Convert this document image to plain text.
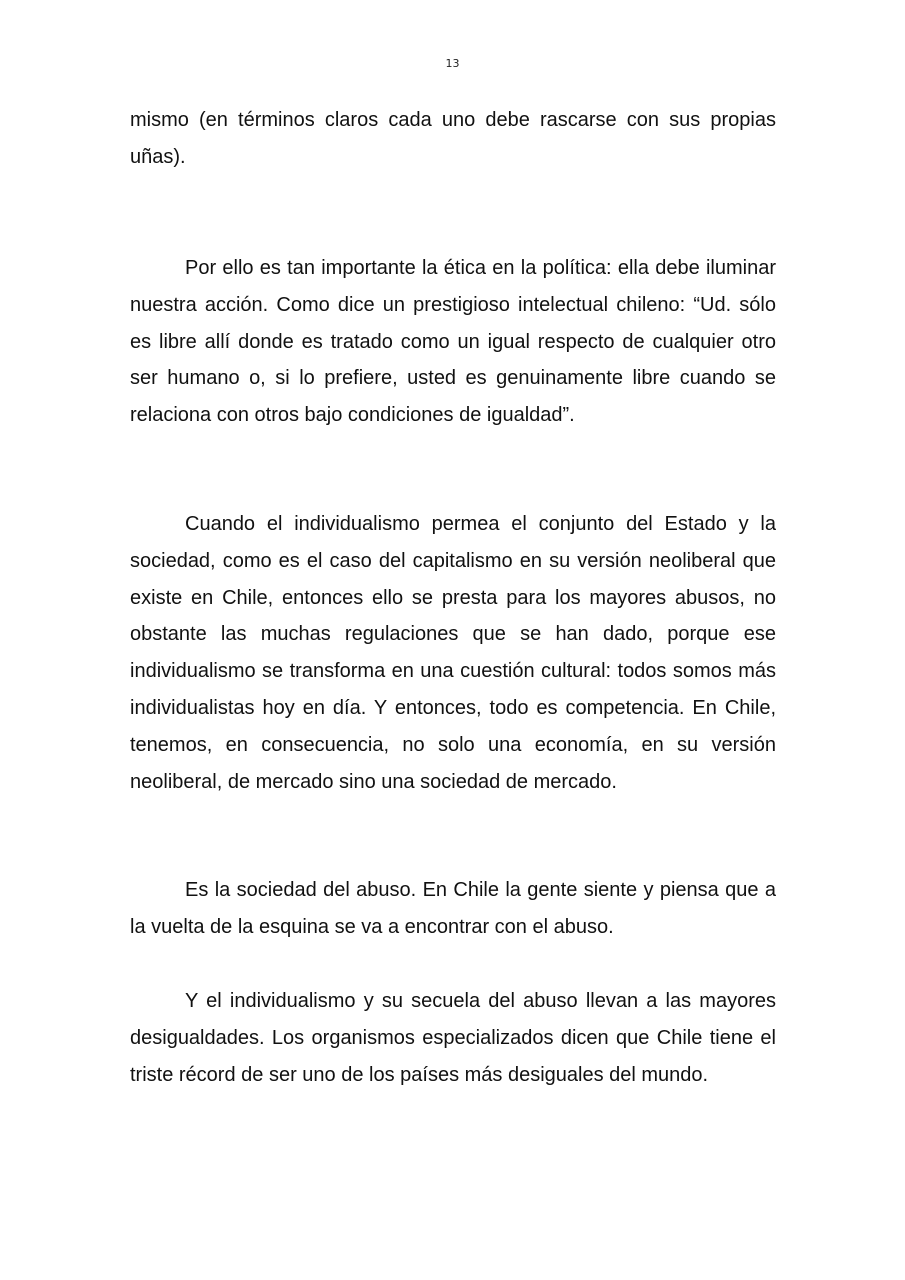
13

mismo (en términos claros cada uno debe rascarse con sus propias uñas).

Por ello es tan importante la ética en la política: ella debe iluminar nuestra acción. Como dice un prestigioso intelectual chileno: “Ud. sólo es libre allí donde es tratado como un igual respecto de cualquier otro ser humano o, si lo prefiere, usted es genuinamente libre cuando se relaciona con otros bajo condiciones de igualdad”.

Cuando el individualismo permea el conjunto del Estado y la sociedad, como es el caso del capitalismo en su versión neoliberal que existe en Chile, entonces ello se presta para los mayores abusos, no obstante las muchas regulaciones que se han dado, porque ese individualismo se transforma en una cuestión cultural: todos somos más individualistas hoy en día. Y entonces, todo es competencia. En Chile, tenemos, en consecuencia, no solo una economía, en su versión neoliberal, de mercado sino una sociedad de mercado.

Es la sociedad del abuso. En Chile la gente siente y piensa que a la vuelta de la esquina se va a encontrar con el abuso.

Y el individualismo y su secuela del abuso llevan a las mayores desigualdades. Los organismos especializados dicen que Chile tiene el triste récord de ser uno de los países más desiguales del mundo.
